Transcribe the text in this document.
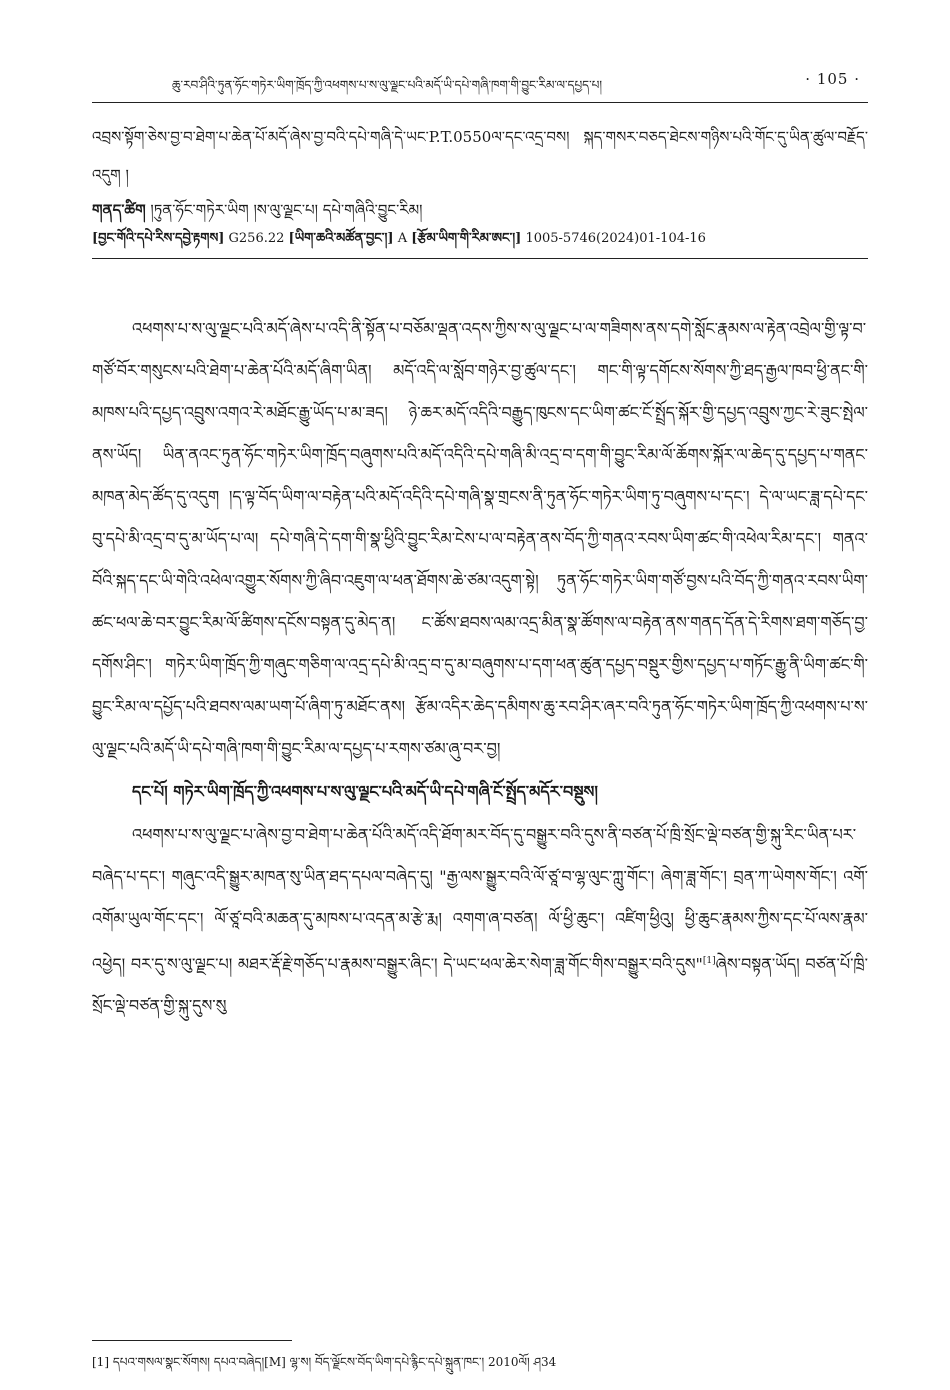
ཆུ་རབ་ཤིའི་ཏུན་ཧོང་གཏེར་ཡིག་ཁྲོད་ཀྱི་འཕགས་པ་ས་ལུ་ལྗང་པའི་མདོ་ཡི་དཔེ་གཞི་ཁག་གི་བྱུང་རིམ་ལ་དཔྱད་པ།	· 105 ·

འབྲས་སྟོག་ཅེས་བྱ་བ་ཐེག་པ་ཆེན་པོ་མདོ་ཞེས་བྱ་བའི་དཔེ་གཞི་དེ་ཡང་P.T.0550ལ་དང་འདྲ་བས། སྐད་གསར་བཅད་ཐེངས་གཉིས་པའི་གོང་དུ་ཡིན་ཚུལ་བརྗོད་འདུག །

གནད་ཚིག །ཏུན་ཧོང་གཏེར་ཡིག །ས་ལུ་ལྗང་པ། དཔེ་གཞིའི་བྱུང་རིམ།
[བྱང་གོའི་དཔེ་རིས་དབྱེ་རྟགས] G256.22 [ཡིག་ཆའི་མཚོན་བྱང་།] A [རྩོམ་ཡིག་གི་རིམ་ཨང་།] 1005-5746(2024)01-104-16

འཕགས་པ་ས་ལུ་ལྗང་པའི་མདོ་ཞེས་པ་འདི་ནི་སྟོན་པ་བཅོམ་ལྡན་འདས་ཀྱིས་ས་ལུ་ལྗང་པ་ལ་གཟིགས་ནས་དགེ་སློང་རྣམས་ལ་རྟེན་འབྲེལ་གྱི་ལྟ་བ་གཙོ་བོར་གསུངས་པའི་ཐེག་པ་ཆེན་པོའི་མདོ་ཞིག་ཡིན། མདོ་འདི་ལ་སློབ་གཉེར་བྱ་ཚུལ་དང་། གང་གི་ལྟ་དགོངས་སོགས་ཀྱི་ཐད་རྒྱལ་ཁབ་ཕྱི་ནང་གི་མཁས་པའི་དཔྱད་འབྲུས་འགའ་རེ་མཐོང་རྒྱུ་ཡོད་པ་མ་ཟད། ཉེ་ཆར་མདོ་འདིའི་བརྒྱུད་ཁུངས་དང་ཡིག་ཚང་ངོ་སྤྲོད་སྐོར་གྱི་དཔྱད་འབྲུས་ཀྱང་རེ་ཟུང་སྤེལ་ནས་ཡོད། ཡིན་ནའང་ཏུན་ཧོང་གཏེར་ཡིག་ཁྲོད་བཞུགས་པའི་མདོ་འདིའི་དཔེ་གཞི་མི་འདྲ་བ་དག་གི་བྱུང་རིམ་ལོ་ཆོགས་སྐོར་ལ་ཆེད་དུ་དཔྱད་པ་གནང་མཁན་མེད་ཚོད་དུ་འདུག །ད་ལྟ་བོད་ཡིག་ལ་བརྟེན་པའི་མདོ་འདིའི་དཔེ་གཞི་སྣ་གྲངས་ནི་ཏུན་ཧོང་གཏེར་ཡིག་ཏུ་བཞུགས་པ་དང་། དེ་ལ་ཡང་ཟླ་དཔེ་དང་བུ་དཔེ་མི་འདྲ་བ་དུ་མ་ཡོད་པ་ལ། དཔེ་གཞི་དེ་དག་གི་སྣ་ཕྱིའི་བྱུང་རིམ་ངེས་པ་ལ་བརྟེན་ནས་བོད་ཀྱི་གནའ་རབས་ཡིག་ཚང་གི་འཕེལ་རིམ་དང་། གནའ་བོའི་སྐད་དང་ཡི་གེའི་འཕེལ་འགྱུར་སོགས་ཀྱི་ཞིབ་འཇུག་ལ་ཕན་ཐོགས་ཆེ་ཙམ་འདུག་སྟེ། ཏུན་ཧོང་གཏེར་ཡིག་གཙོ་བྱས་པའི་བོད་ཀྱི་གནའ་རབས་ཡིག་ཚང་ཕལ་ཆེ་བར་བྱུང་རིམ་ལོ་ཚིགས་དངོས་བསྟན་དུ་མེད་ན། ང་ཚོས་ཐབས་ལམ་འདྲ་མིན་སྣ་ཚོགས་ལ་བརྟེན་ནས་གནད་དོན་དེ་རིགས་ཐག་གཅོད་བྱ་དགོས་ཤིང་། གཏེར་ཡིག་ཁྲོད་ཀྱི་གཞུང་གཅིག་ལ་འདྲ་དཔེ་མི་འདྲ་བ་དུ་མ་བཞུགས་པ་དག་ཕན་ཚུན་དཔྱད་བསྡུར་གྱིས་དཔྱད་པ་གཏོང་རྒྱུ་ནི་ཡིག་ཚང་གི་བྱུང་རིམ་ལ་དཔྱོད་པའི་ཐབས་ལམ་ཡག་པོ་ཞིག་ཏུ་མཐོང་ནས། རྩོམ་འདིར་ཆེད་དམིགས་ཆུ་རབ་ཤིར་ཞར་བའི་ཏུན་ཧོང་གཏེར་ཡིག་ཁྲོད་ཀྱི་འཕགས་པ་ས་ལུ་ལྗང་པའི་མདོ་ཡི་དཔེ་གཞི་ཁག་གི་བྱུང་རིམ་ལ་དཔྱད་པ་རགས་ཙམ་ཞུ་བར་བྱ།

དང་པོ། གཏེར་ཡིག་ཁྲོད་ཀྱི་འཕགས་པ་ས་ལུ་ལྗང་པའི་མདོ་ཡི་དཔེ་གཞི་ངོ་སྤྲོད་མདོར་བསྡུས།

འཕགས་པ་ས་ལུ་ལྗང་པ་ཞེས་བྱ་བ་ཐེག་པ་ཆེན་པོའི་མདོ་འདི་ཐོག་མར་བོད་དུ་བསྒྱུར་བའི་དུས་ནི་བཙན་པོ་ཁྲི་སྲོང་ལྡེ་བཙན་གྱི་སྐུ་རིང་ཡིན་པར་བཞེད་པ་དང་། གཞུང་འདི་སྒྱུར་མཁན་སུ་ཡིན་ཐད་དཔལ་བཞེད་དུ། "རྒྱ་ལས་སྒྱུར་བའི་ལོ་ཙཱ་བ་ལྷ་ལུང་ཀླུ་གོང་། ཞེག་ཟླ་གོང་། བྲན་ཀ་ཡེགས་གོང་། འགོ་འགོམ་ཡུལ་གོང་དང་། ལོ་ཙཱ་བའི་མཆན་དུ་མཁས་པ་འདན་མ་རྩེ་རྨ། འགག་ཞ་བཙན། ལོ་ཕྱི་ཆུང་། འཛིག་ཕྱིའུ། ཕྱི་ཆུང་རྣམས་ཀྱིས་དང་པོ་ལས་རྣམ་འཕྱེད། བར་དུ་ས་ལུ་ལྗང་པ། མཐར་རྡོ་རྗེ་གཅོད་པ་རྣམས་བསྒྱུར་ཞིང་། དེ་ཡང་ཕལ་ཆེར་སེག་ཟླ་གོང་གིས་བསྒྱུར་བའི་དུས"[1]ཞེས་བསྟན་ཡོད། བཙན་པོ་ཁྲི་སྲོང་ལྡེ་བཙན་གྱི་སྐུ་དུས་སུ

[1] དཔའ་གསལ་སྣང་སོགས། དཔའ་བཞེད།[M] ལྷ་ས། བོད་ལྗོངས་བོད་ཡིག་དཔེ་རྙིང་དཔེ་སྐྲུན་ཁང་། 2010ལོ། ཤ34
